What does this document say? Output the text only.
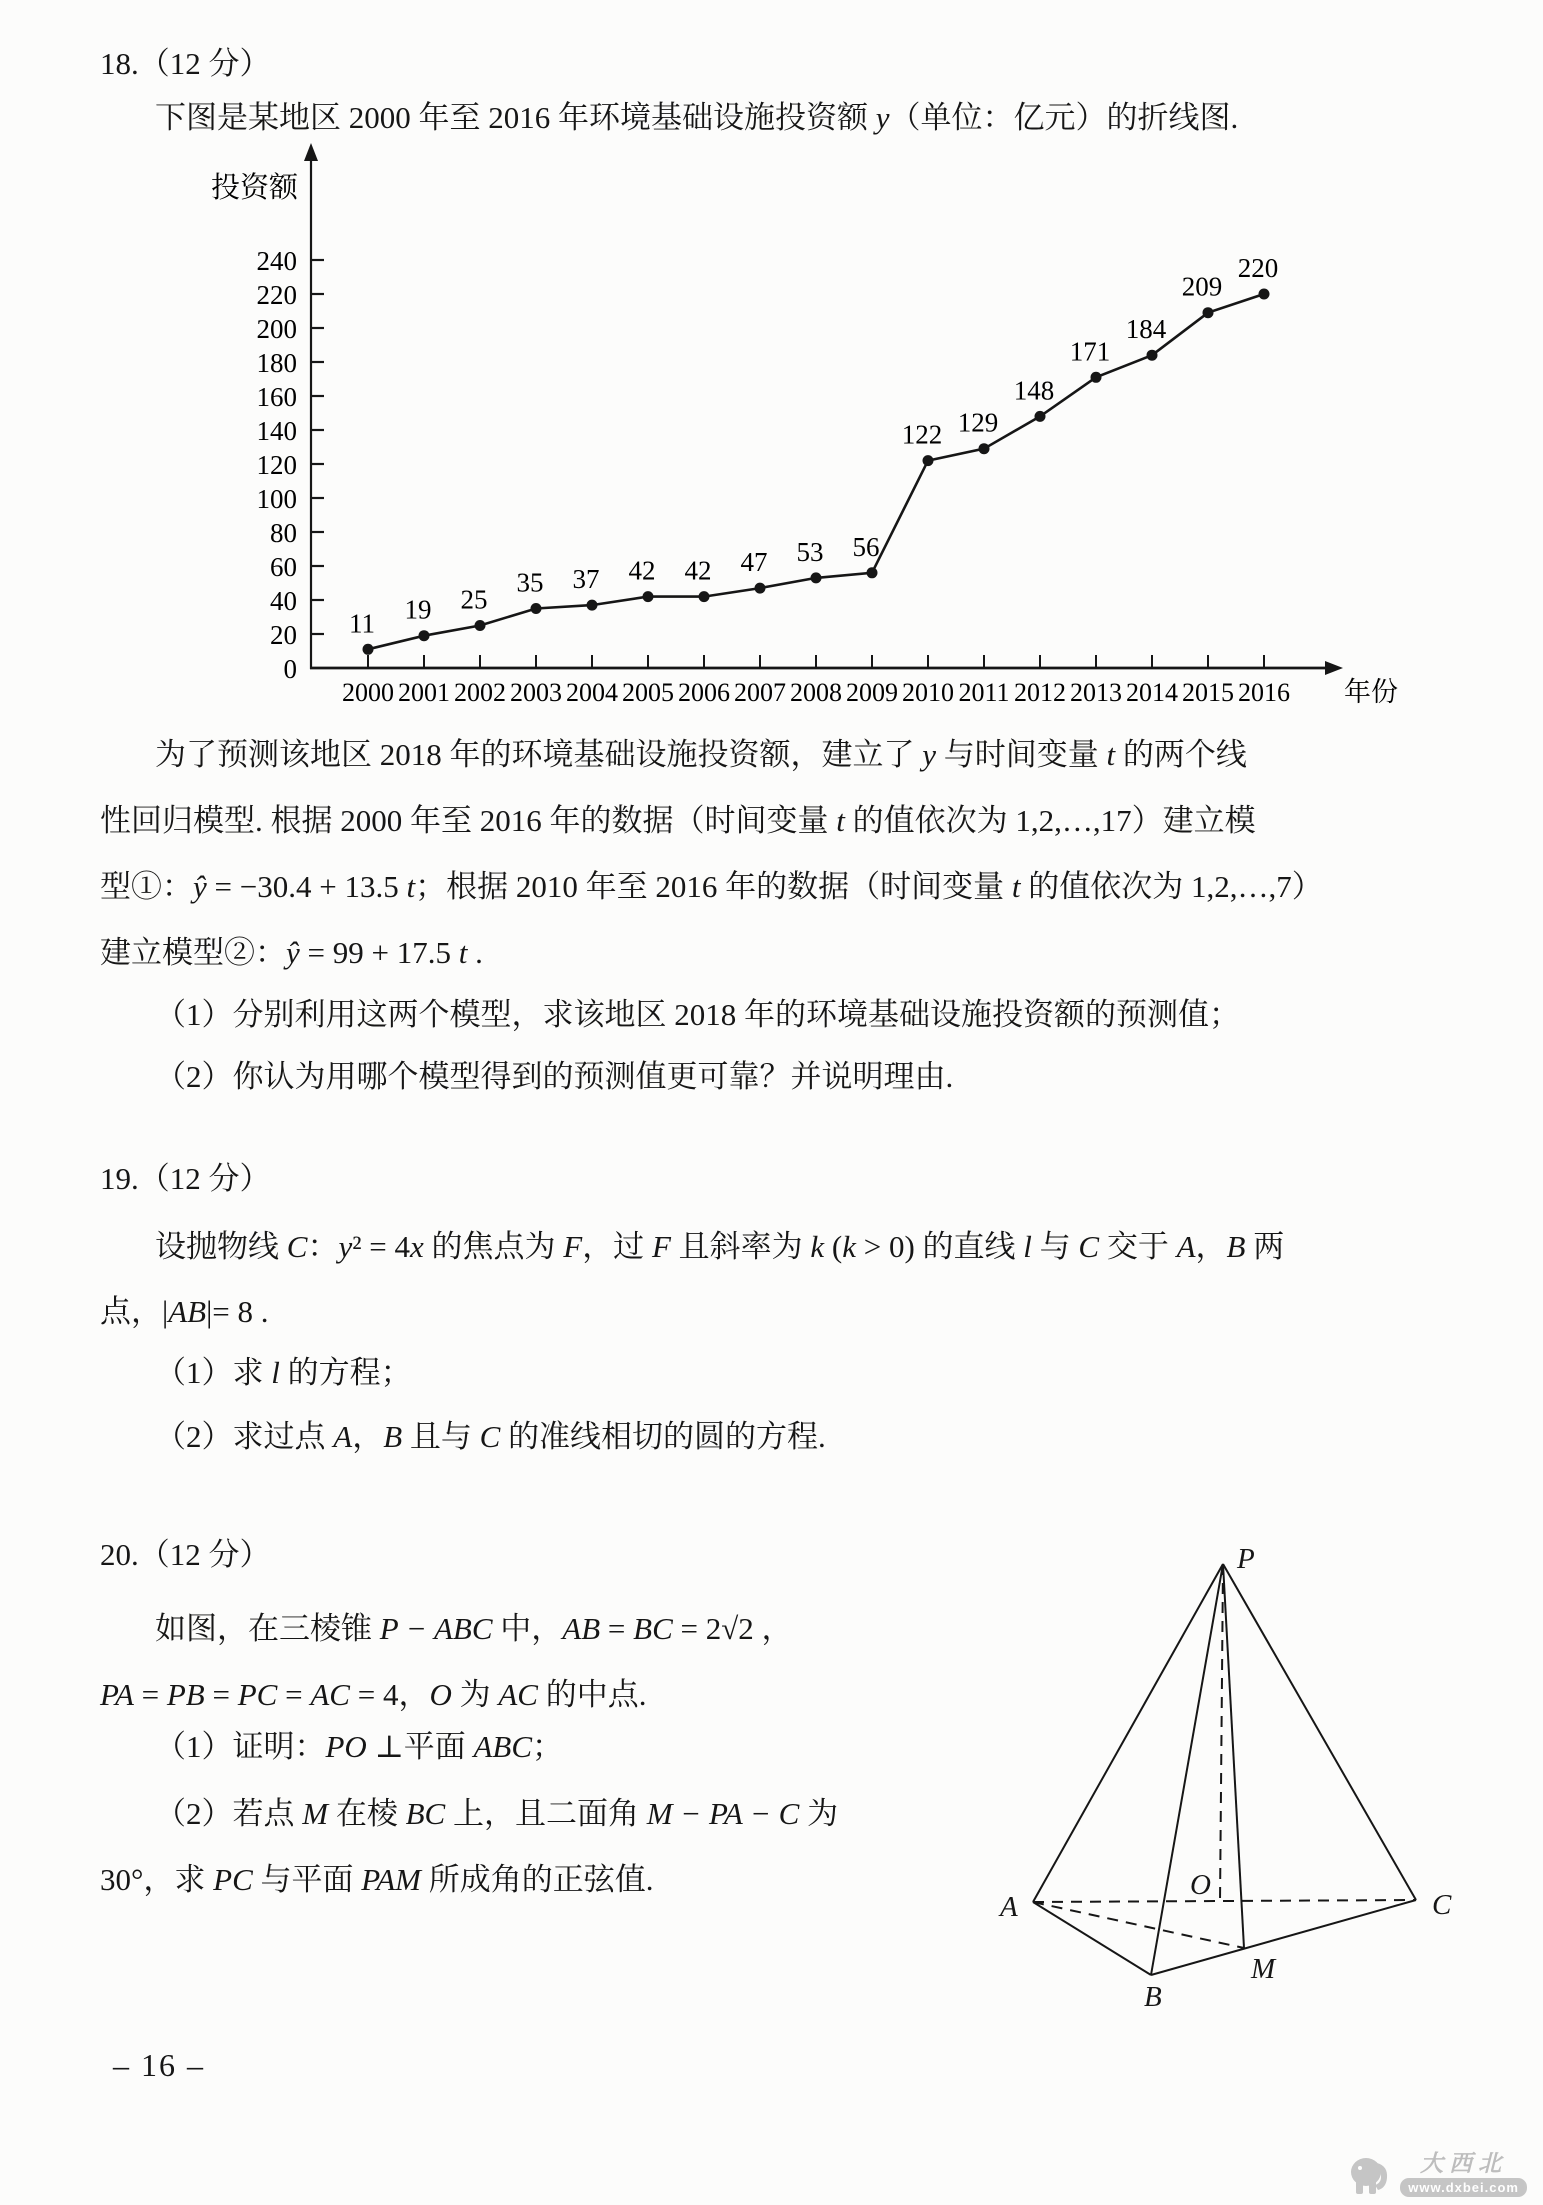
18.（12 分）
下图是某地区 2000 年至 2016 年环境基础设施投资额 y（单位：亿元）的折线图.
投资额
年份
0
20
40
60
80
100
120
140
160
180
200
220
240
2000 2001 2002 2003 2004 2005 2006 2007 2008 2009 2010 2011 2012 2013 2014 2015 2016
11 19 25
35 37 42 42 47 53 56
122 129
148
171
184
209
220
为了预测该地区 2018 年的环境基础设施投资额，建立了 y 与时间变量 t 的两个线
性回归模型. 根据 2000 年至 2016 年的数据（时间变量 t 的值依次为 1,2,…,17）建立模
型①：ŷ = −30.4 + 13.5 t；根据 2010 年至 2016 年的数据（时间变量 t 的值依次为 1,2,…,7）
建立模型②：ŷ = 99 + 17.5 t .
（1）分别利用这两个模型，求该地区 2018 年的环境基础设施投资额的预测值；
（2）你认为用哪个模型得到的预测值更可靠？并说明理由.
19.（12 分）
设抛物线 C：y² = 4x 的焦点为 F，过 F 且斜率为 k (k > 0) 的直线 l 与 C 交于 A，B 两
点，|AB|= 8 .
（1）求 l 的方程；
（2）求过点 A，B 且与 C 的准线相切的圆的方程.
20.（12 分）
如图，在三棱锥 P − ABC 中，AB = BC = 2√2 ，
PA = PB = PC = AC = 4，O 为 AC 的中点.
（1）证明：PO ⊥平面 ABC；
（2）若点 M 在棱 BC 上，且二面角 M − PA − C 为
30°，求 PC 与平面 PAM 所成角的正弦值.
P
A	C
B
M
O
– 16 –
大西北
www.dxbei.com
